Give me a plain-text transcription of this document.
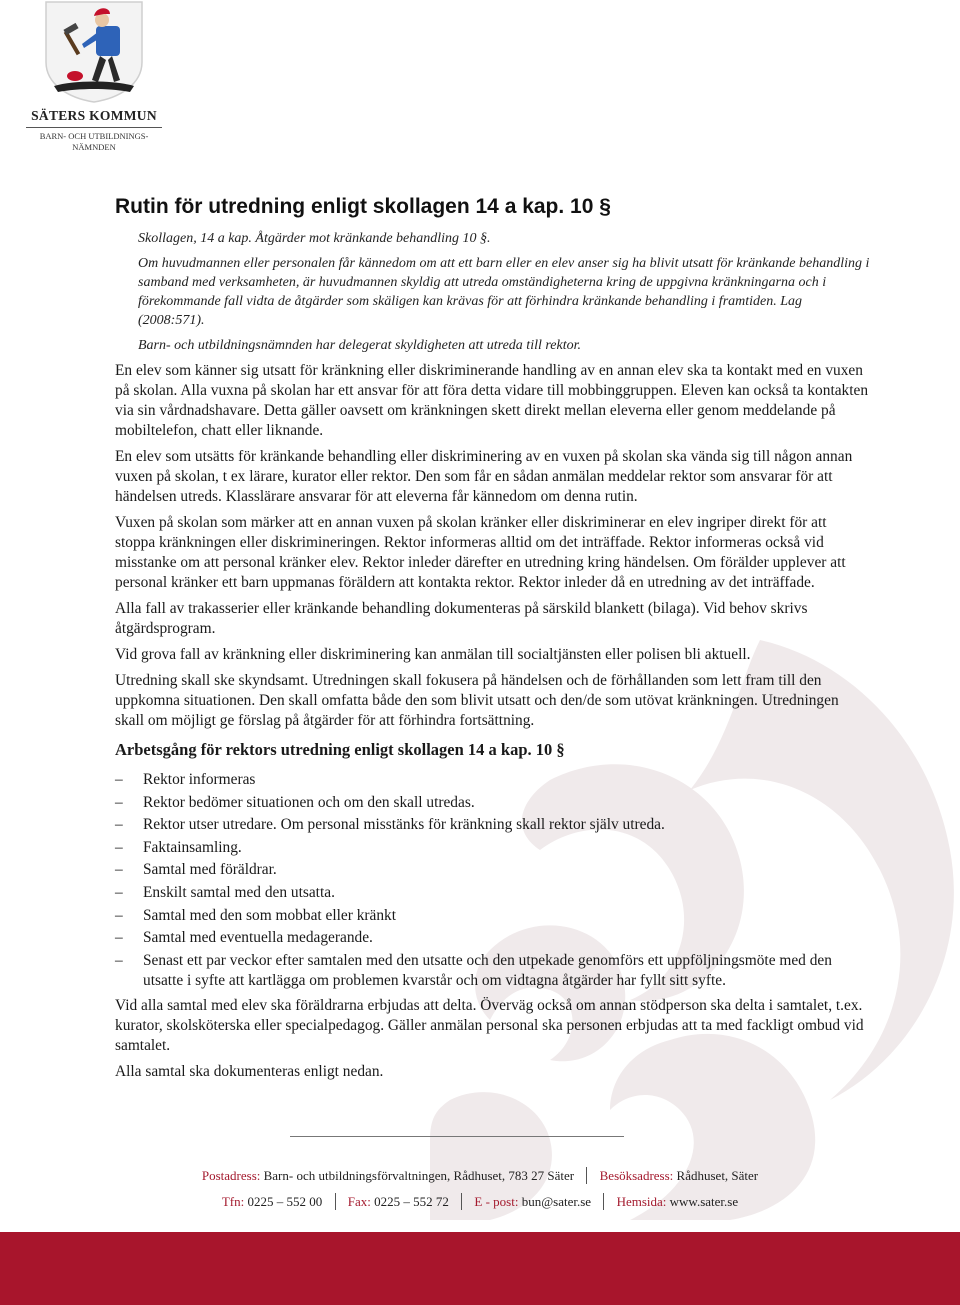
SÄTERS KOMMUN
BARN- OCH UTBILDNINGS-
NÄMNDEN
Rutin för utredning enligt skollagen 14 a kap. 10 §

Skollagen, 14 a kap. Åtgärder mot kränkande behandling 10 §.

Om huvudmannen eller personalen får kännedom om att ett barn eller en elev anser sig ha blivit utsatt för kränkande behandling i samband med verksamheten, är huvudmannen skyldig att utreda omständigheterna kring de uppgivna kränkningarna och i förekommande fall vidta de åtgärder som skäligen kan krävas för att förhindra kränkande behandling i framtiden. Lag (2008:571).

Barn- och utbildningsnämnden har delegerat skyldigheten att utreda till rektor.

En elev som känner sig utsatt för kränkning eller diskriminerande handling av en annan elev ska ta kontakt med en vuxen på skolan. Alla vuxna på skolan har ett ansvar för att föra detta vidare till mobbinggruppen. Eleven kan också ta kontakten via sin vårdnadshavare. Detta gäller oavsett om kränkningen skett direkt mellan eleverna eller genom meddelande på mobiltelefon, chatt eller liknande.

En elev som utsätts för kränkande behandling eller diskriminering av en vuxen på skolan ska vända sig till någon annan vuxen på skolan, t ex lärare, kurator eller rektor. Den som får en sådan anmälan meddelar rektor som ansvarar för att händelsen utreds. Klasslärare ansvarar för att eleverna får kännedom om denna rutin.

Vuxen på skolan som märker att en annan vuxen på skolan kränker eller diskriminerar en elev ingriper direkt för att stoppa kränkningen eller diskrimineringen. Rektor informeras alltid om det inträffade. Rektor informeras också vid misstanke om att personal kränker elev. Rektor inleder därefter en utredning kring händelsen. Om förälder upplever att personal kränker ett barn uppmanas föräldern att kontakta rektor. Rektor inleder då en utredning av det inträffade.

Alla fall av trakasserier eller kränkande behandling dokumenteras på särskild blankett (bilaga). Vid behov skrivs åtgärdsprogram.

Vid grova fall av kränkning eller diskriminering kan anmälan till socialtjänsten eller polisen bli aktuell.

Utredning skall ske skyndsamt. Utredningen skall fokusera på händelsen och de förhållanden som lett fram till den uppkomna situationen. Den skall omfatta både den som blivit utsatt och den/de som utövat kränkningen. Utredningen skall om möjligt ge förslag på åtgärder för att förhindra fortsättning.

Arbetsgång för rektors utredning enligt skollagen 14 a kap. 10 §
– Rektor informeras
– Rektor bedömer situationen och om den skall utredas.
– Rektor utser utredare. Om personal misstänks för kränkning skall rektor själv utreda.
– Faktainsamling.
– Samtal med föräldrar.
– Enskilt samtal med den utsatta.
– Samtal med den som mobbat eller kränkt
– Samtal med eventuella medagerande.
– Senast ett par veckor efter samtalen med den utsatte och den utpekade genomförs ett uppföljningsmöte med den utsatte i syfte att kartlägga om problemen kvarstår och om vidtagna åtgärder har fyllt sitt syfte.

Vid alla samtal med elev ska föräldrarna erbjudas att delta. Överväg också om annan stödperson ska delta i samtalet, t.ex. kurator, skolsköterska eller specialpedagog. Gäller anmälan personal ska personen erbjudas att ta med fackligt ombud vid samtalet.

Alla samtal ska dokumenteras enligt nedan.

Postadress: Barn- och utbildningsförvaltningen, Rådhuset, 783 27 Säter Besöksadress: Rådhuset, Säter
Tfn: 0225 – 552 00 Fax: 0225 – 552 72 E - post: bun@sater.se Hemsida: www.sater.se
